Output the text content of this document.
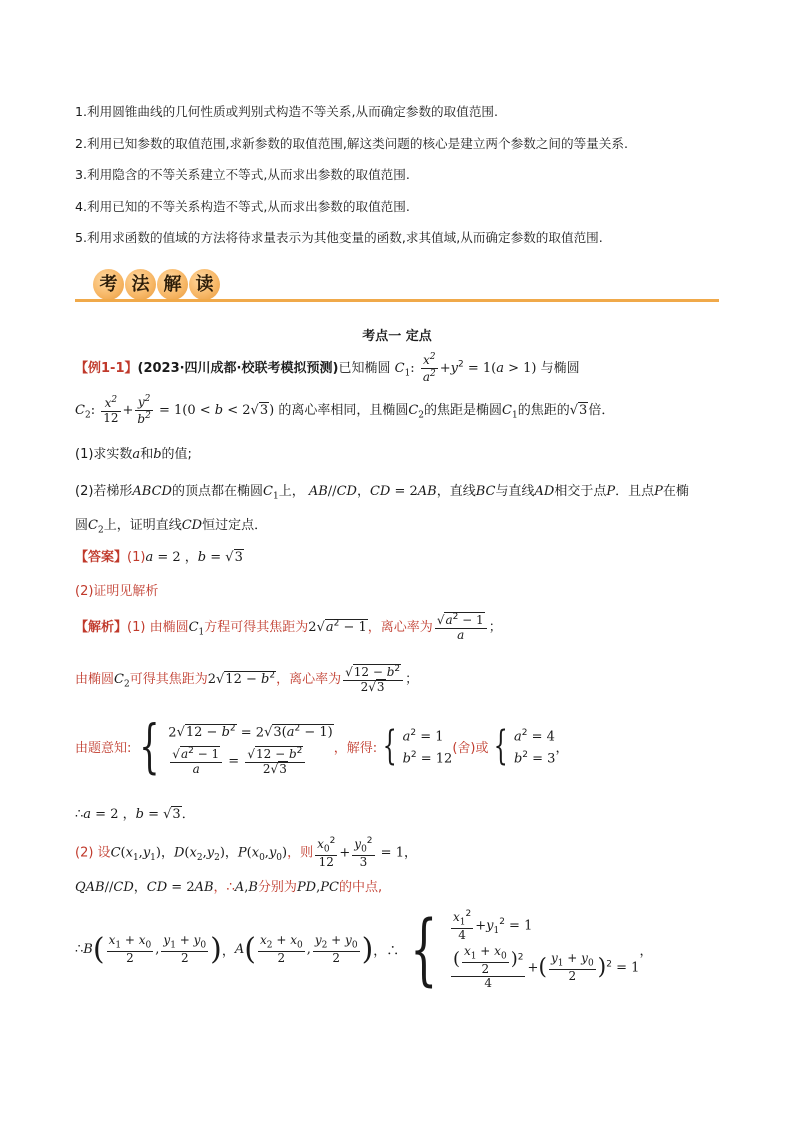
1.利用圆锥曲线的几何性质或判别式构造不等关系,从而确定参数的取值范围.
2.利用已知参数的取值范围,求新参数的取值范围,解这类问题的核心是建立两个参数之间的等量关系.
3.利用隐含的不等关系建立不等式,从而求出参数的取值范围.
4.利用已知的不等关系构造不等式,从而求出参数的取值范围.
5.利用求函数的值域的方法将待求量表示为其他变量的函数,求其值域,从而确定参数的取值范围.
考 法 解 读
考点一 定点
【例1-1】(2023·四川成都·校联考模拟预测)已知椭圆 $C_1$: $\frac{x^2}{a^2} +y^2 = 1(a > 1)$ 与椭圆
$C_2$: $\frac{x^2}{12} + \frac{y^2}{b^2} = 1(0 < b < 2√$ 3) 的离心率相同，且椭圆$C_2$的焦距是椭圆$C_1$的焦距的√ 3倍．
(1)求实数a和b的值;
(2)若梯形ABCD的顶点都在椭圆$C_1$上， AB//CD，CD = 2AB，直线BC与直线AD相交于点P．且点P在椭
圆$C_2$上，证明直线CD恒过定点．
【答案】(1)a = 2 ，b = √ 3
(2)证明见解析
【解析】(1) 由椭圆$C_1$方程可得其焦距为2√ $a^2 - 1$，离心率为
√ $\frac{a^2 - 1}{a}$ ；
由椭圆$C_2$可得其焦距为2√ $12 - b^2$，离心率为
√ $\frac{12 - b^2}{2√ 3}$ ；
由题意知: { 2√ $12 - b^2 = 2√$ $3(a^2 - 1)$
√ $\frac{a^2 - 1}{a}$ =
√ $\frac{12 - b^2}{2√ 3}$ ，解得: { $a^2 = 1$
$b^2 = 12$
(舍)或 { $a^2 = 4$
$b^2 = 3$
，
∴a = 2 ，b = √ 3．
(2) 设$C(x_1,y_1)$，$D(x_2,y_2)$，$P(x_0,y_0)$，则 $\frac{x_0^2}{12} + \frac{y_0^2}{3} = 1$，
QAB//CD，CD = 2AB，∴A,B分别为PD,PC的中点,
∴B( $\frac{x_1 + x_0}{2}$ , $\frac{y_1 + y_0}{2}$ )，$A( \frac{x_2 + x_0}{2}$ , $\frac{y_2 + y_0}{2}$ )，∴ { $\frac{x_1^2}{4} +y_1^2 = 1$
$\frac{( \frac{x_1 + x_0}{2} )^2}{4}$ +( $\frac{y_1 + y_0}{2} )^2 = 1$
，
